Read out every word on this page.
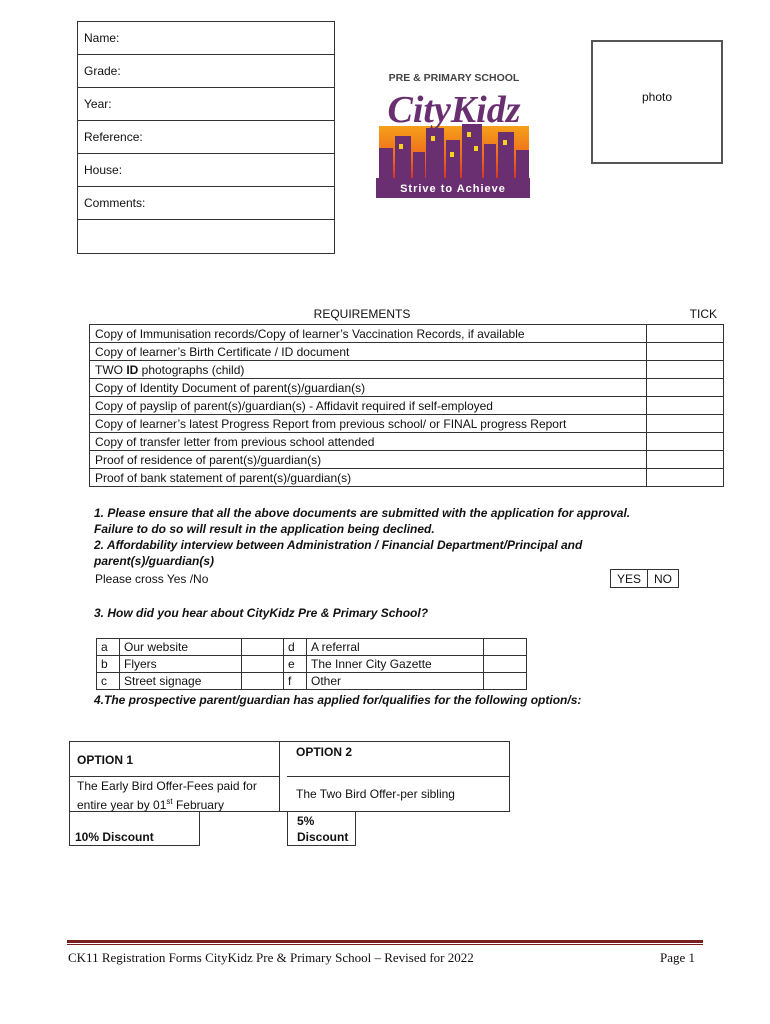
Name:
Grade:
Year:
Reference:
House:
Comments:
PRE & PRIMARY SCHOOL
CityKidz
Strive to Achieve
photo
REQUIREMENTS	TICK
Copy of Immunisation records/Copy of learner’s Vaccination Records, if available	
Copy of learner’s Birth Certificate / ID document	
TWO ID photographs (child)	
Copy of Identity Document of parent(s)/guardian(s)	
Copy of payslip of parent(s)/guardian(s) - Affidavit required if self-employed	
Copy of learner’s latest Progress Report from previous school/ or FINAL progress Report	
Copy of transfer letter from previous school attended	
Proof of residence of parent(s)/guardian(s)	
Proof of bank statement of parent(s)/guardian(s)	
1. Please ensure that all the above documents are submitted with the application for approval. Failure to do so will result in the application being declined.
2. Affordability interview between Administration / Financial Department/Principal and parent(s)/guardian(s)
Please cross Yes /No	YES	NO
3. How did you hear about CityKidz Pre & Primary School?
a	Our website		d	A referral	
b	Flyers		e	The Inner City Gazette	
c	Street signage		f	Other	
4.The prospective parent/guardian has applied for/qualifies for the following option/s:
OPTION 1
OPTION 2
The Early Bird Offer-Fees paid for
entire year by 01st February
The Two Bird Offer-per sibling
10% Discount
5%
Discount
CK11 Registration Forms CityKidz Pre & Primary School – Revised for 2022	Page 1
